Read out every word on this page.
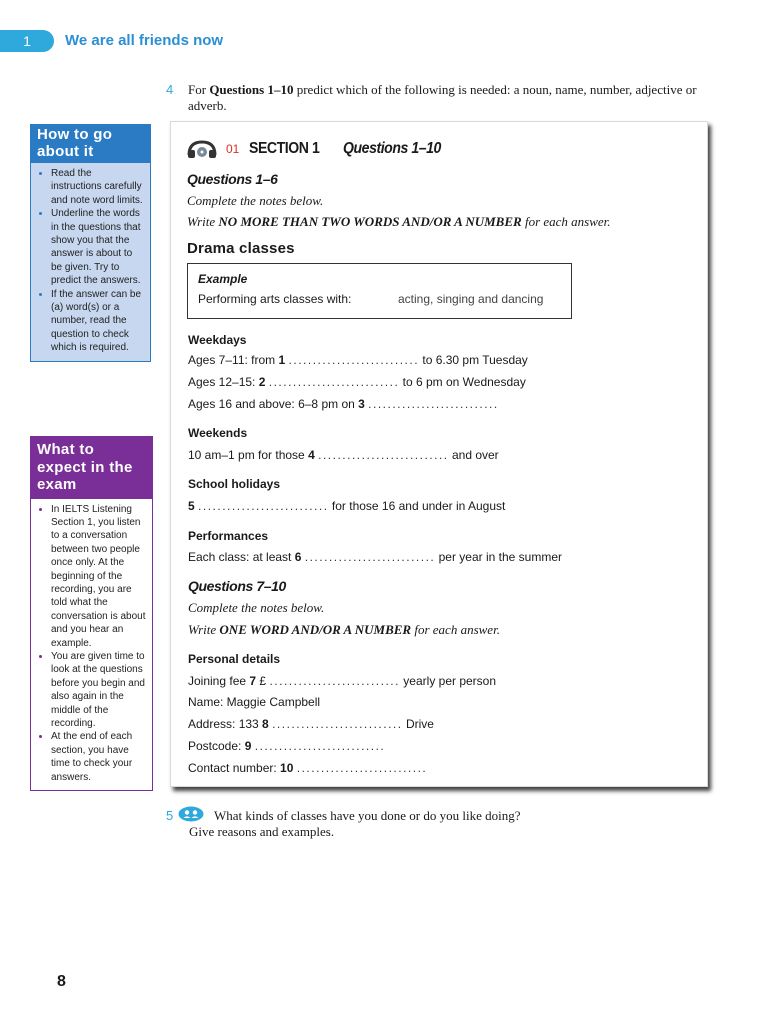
1	We are all friends now
4 For Questions 1–10 predict which of the following is needed: a noun, name, number, adjective or adverb.
How to go
about it
• Read the instructions carefully and note word limits.
• Underline the words in the questions that show you that the answer is about to be given. Try to predict the answers.
• If the answer can be (a) word(s) or a number, read the question to check which is required.
What to
expect in the
exam
• In IELTS Listening Section 1, you listen to a conversation between two people once only. At the beginning of the recording, you are told what the conversation is about and you hear an example.
• You are given time to look at the questions before you begin and also again in the middle of the recording.
• At the end of each section, you have time to check your answers.
01 SECTION 1 Questions 1–10
Questions 1–6
Complete the notes below.
Write NO MORE THAN TWO WORDS AND/OR A NUMBER for each answer.
Drama classes
Example
Performing arts classes with:	acting, singing and dancing
Weekdays
Ages 7–11: from 1 ........................... to 6.30 pm Tuesday
Ages 12–15: 2 ........................... to 6 pm on Wednesday
Ages 16 and above: 6–8 pm on 3 ...........................
Weekends
10 am–1 pm for those 4 ........................... and over
School holidays
5 ........................... for those 16 and under in August
Performances
Each class: at least 6 ........................... per year in the summer
Questions 7–10
Complete the notes below.
Write ONE WORD AND/OR A NUMBER for each answer.
Personal details
Joining fee 7 £ ........................... yearly per person
Name: Maggie Campbell
Address: 133 8 ........................... Drive
Postcode: 9 ...........................
Contact number: 10 ...........................
5	What kinds of classes have you done or do you like doing?
Give reasons and examples.
8
